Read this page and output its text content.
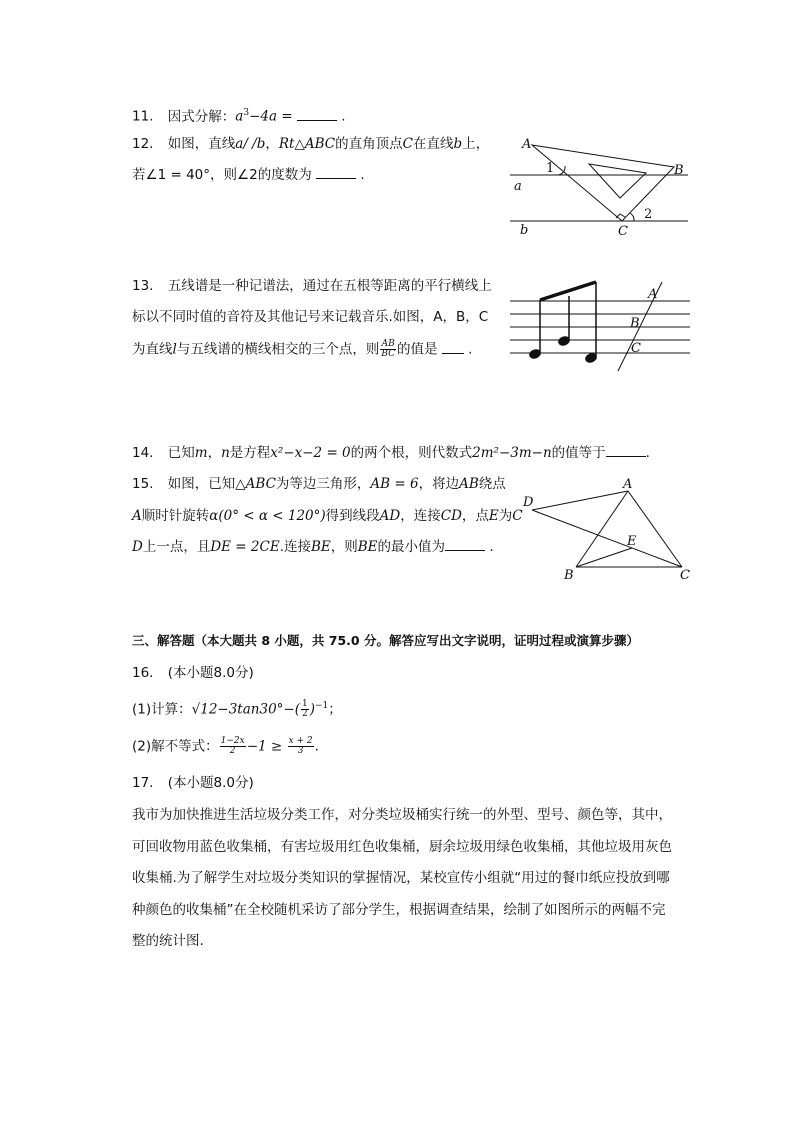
11. 因式分解：$a^3-4a$ =	.
12. 如图，直线a/ /b，Rt△ABC的直角顶点C在直线b上，
若∠1 = 40°，则∠2的度数为	.
A
B
C
a
b
1
2
13. 五线谱是一种记谱法，通过在五根等距离的平行横线上
标以不同时值的音符及其他记号来记载音乐.如图，A，B，C
为直线l与五线谱的横线相交的三个点，则 $\frac{AB}{BC}$ 的值是 .
A
B
C
14. 已知m，n是方程x²−x−2 = 0的两个根，则代数式2m²−3m−n的值等于	.
15. 如图，已知△ABC为等边三角形，AB = 6，将边AB绕点
A顺时针旋转α(0° < α < 120°)得到线段AD，连接CD，点E为C
D上一点，且DE = 2CE.连接BE，则BE的最小值为	.
A
B	C
D
E
三、解答题（本大题共 8 小题，共 75.0 分。解答应写出文字说明，证明过程或演算步骤）
16. (本小题8.0分)
(1)计算：$√12-3\tan 30^\circ-( \frac{1}{2} )^{-1}$；
(2)解不等式： $\frac{1-2x}{2} -1 \ge \frac{x + 2}{3}$ .
17. (本小题8.0分)
我市为加快推进生活垃圾分类工作，对分类垃圾桶实行统一的外型、型号、颜色等，其中，
可回收物用蓝色收集桶，有害垃圾用红色收集桶，厨余垃圾用绿色收集桶，其他垃圾用灰色
收集桶.为了解学生对垃圾分类知识的掌握情况，某校宣传小组就“用过的餐巾纸应投放到哪
种颜色的收集桶”在全校随机采访了部分学生，根据调查结果，绘制了如图所示的两幅不完
整的统计图.
